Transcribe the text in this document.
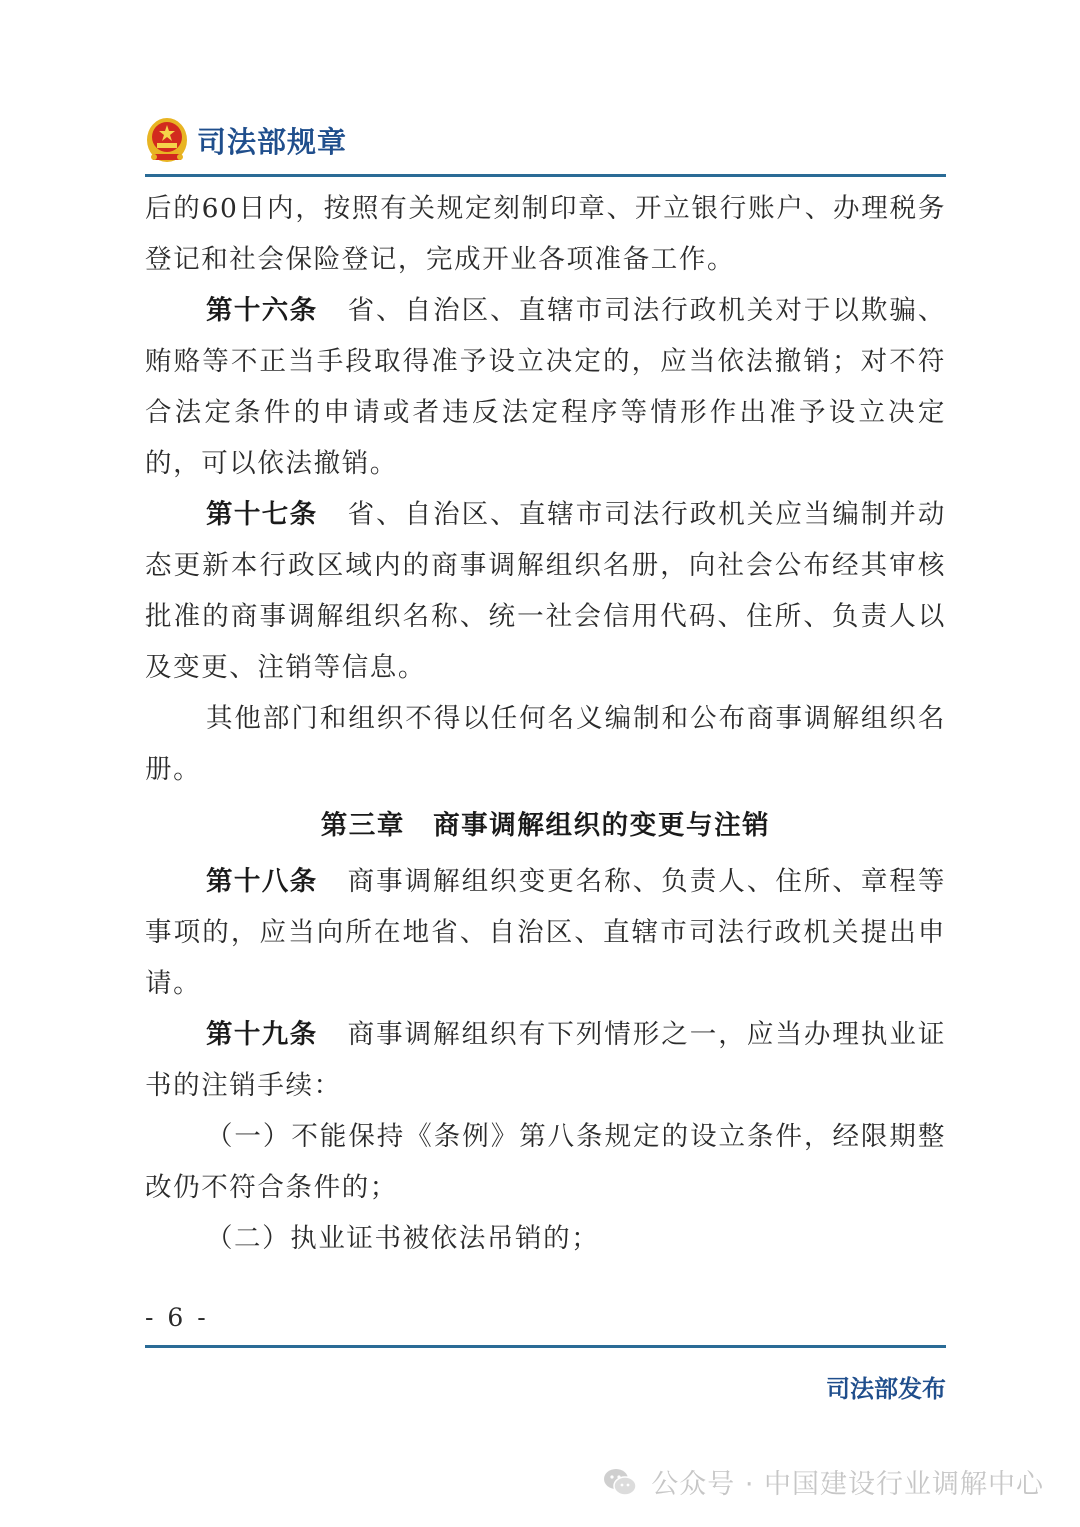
司法部规章

后的60日内，按照有关规定刻制印章、开立银行账户、办理税务登记和社会保险登记，完成开业各项准备工作。

第十六条 省、自治区、直辖市司法行政机关对于以欺骗、贿赂等不正当手段取得准予设立决定的，应当依法撤销；对不符合法定条件的申请或者违反法定程序等情形作出准予设立决定的，可以依法撤销。

第十七条 省、自治区、直辖市司法行政机关应当编制并动态更新本行政区域内的商事调解组织名册，向社会公布经其审核批准的商事调解组织名称、统一社会信用代码、住所、负责人以及变更、注销等信息。

其他部门和组织不得以任何名义编制和公布商事调解组织名册。

第三章　商事调解组织的变更与注销

第十八条 商事调解组织变更名称、负责人、住所、章程等事项的，应当向所在地省、自治区、直辖市司法行政机关提出申请。

第十九条 商事调解组织有下列情形之一，应当办理执业证书的注销手续：

（一）不能保持《条例》第八条规定的设立条件，经限期整改仍不符合条件的；

（二）执业证书被依法吊销的；

- 6 -
司法部发布
公众号 · 中国建设行业调解中心
